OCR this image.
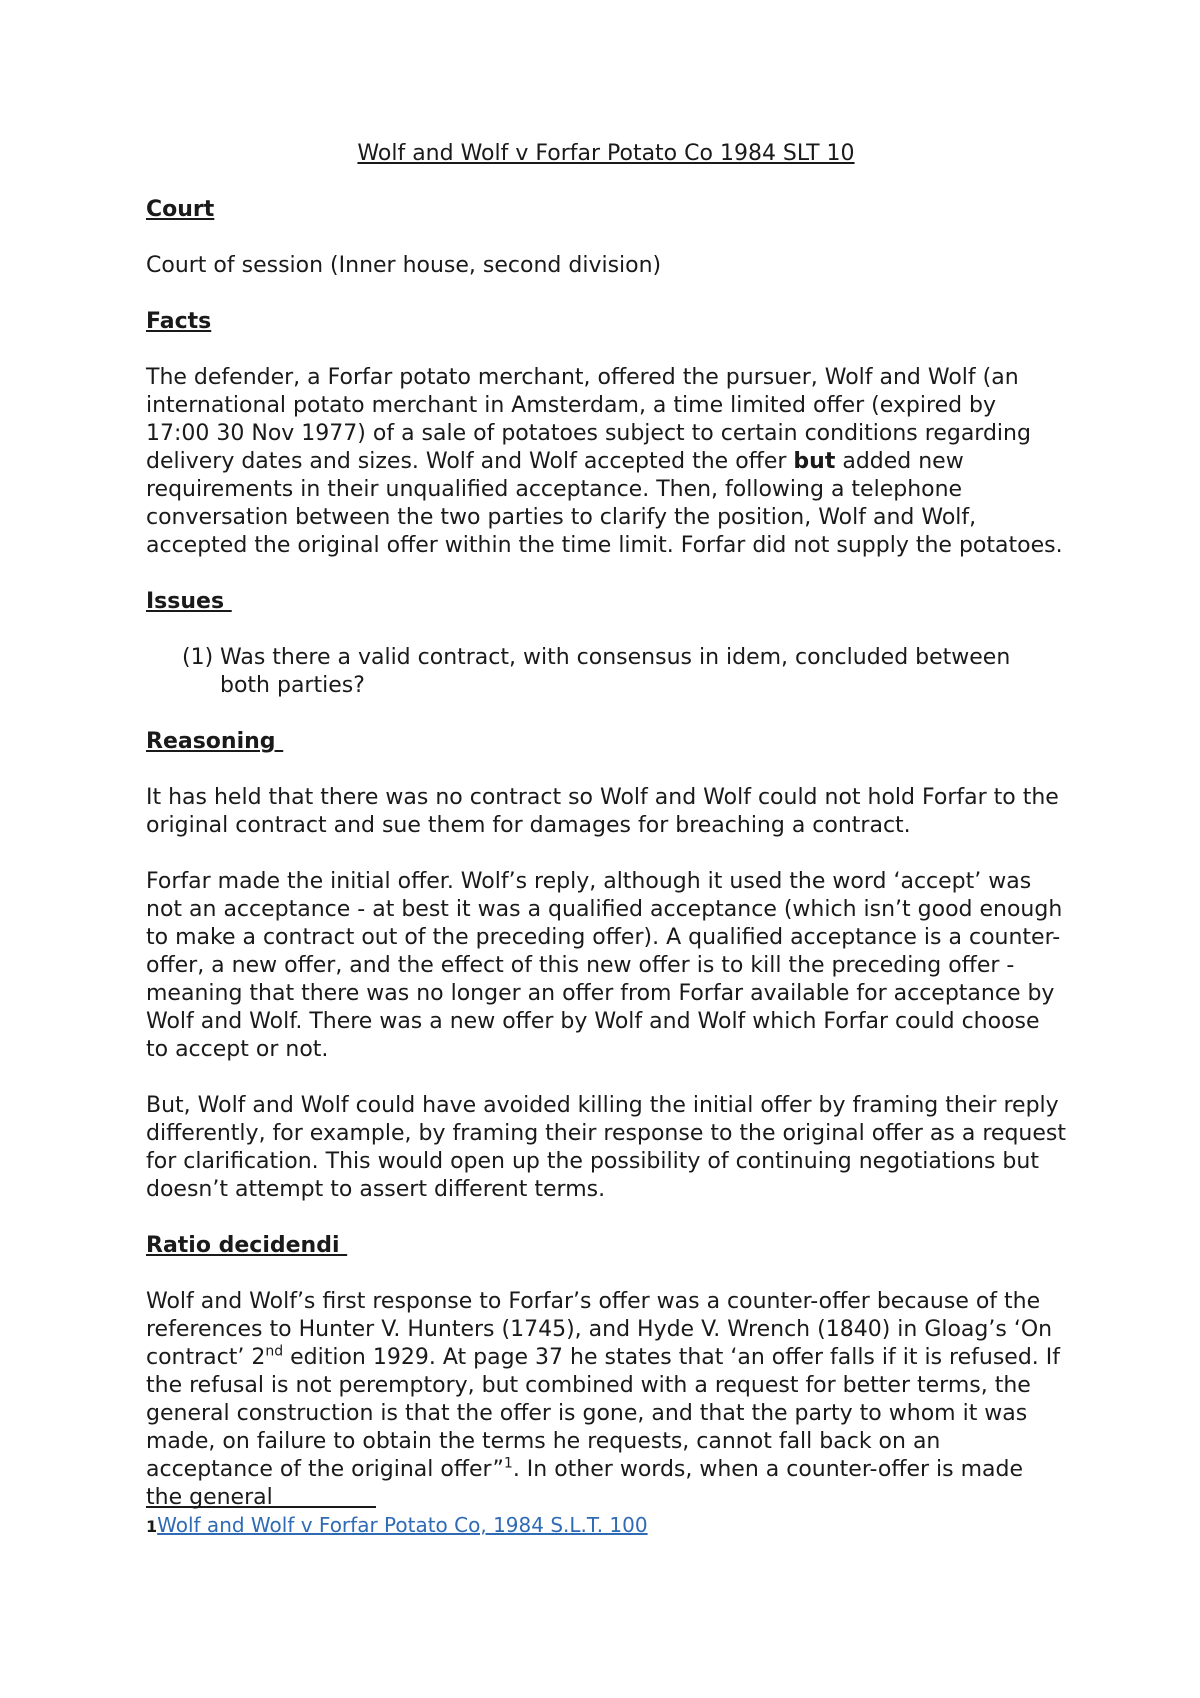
Wolf and Wolf v Forfar Potato Co 1984 SLT 10
Court

Court of session (Inner house, second division)

Facts

The defender, a Forfar potato merchant, offered the pursuer, Wolf and Wolf (an international potato merchant in Amsterdam, a time limited offer (expired by 17:00 30 Nov 1977) of a sale of potatoes subject to certain conditions regarding delivery dates and sizes. Wolf and Wolf accepted the offer but added new requirements in their unqualified acceptance. Then, following a telephone conversation between the two parties to clarify the position, Wolf and Wolf, accepted the original offer within the time limit. Forfar did not supply the potatoes.

Issues
(1) Was there a valid contract, with consensus in idem, concluded between both parties?
Reasoning

It has held that there was no contract so Wolf and Wolf could not hold Forfar to the original contract and sue them for damages for breaching a contract.

Forfar made the initial offer. Wolf’s reply, although it used the word ‘accept’ was not an acceptance - at best it was a qualified acceptance (which isn’t good enough to make a contract out of the preceding offer). A qualified acceptance is a counter-offer, a new offer, and the effect of this new offer is to kill the preceding offer - meaning that there was no longer an offer from Forfar available for acceptance by Wolf and Wolf. There was a new offer by Wolf and Wolf which Forfar could choose to accept or not.

But, Wolf and Wolf could have avoided killing the initial offer by framing their reply differently, for example, by framing their response to the original offer as a request for clarification. This would open up the possibility of continuing negotiations but doesn’t attempt to assert different terms.

Ratio decidendi

Wolf and Wolf’s first response to Forfar’s offer was a counter-offer because of the references to Hunter V. Hunters (1745), and Hyde V. Wrench (1840) in Gloag’s ‘On contract’ 2nd edition 1929. At page 37 he states that ‘an offer falls if it is refused. If the refusal is not peremptory, but combined with a request for better terms, the general construction is that the offer is gone, and that the party to whom it was made, on failure to obtain the terms he requests, cannot fall back on an acceptance of the original offer”$^1$. In other words, when a counter-offer is made the general

1Wolf and Wolf v Forfar Potato Co, 1984 S.L.T. 100
